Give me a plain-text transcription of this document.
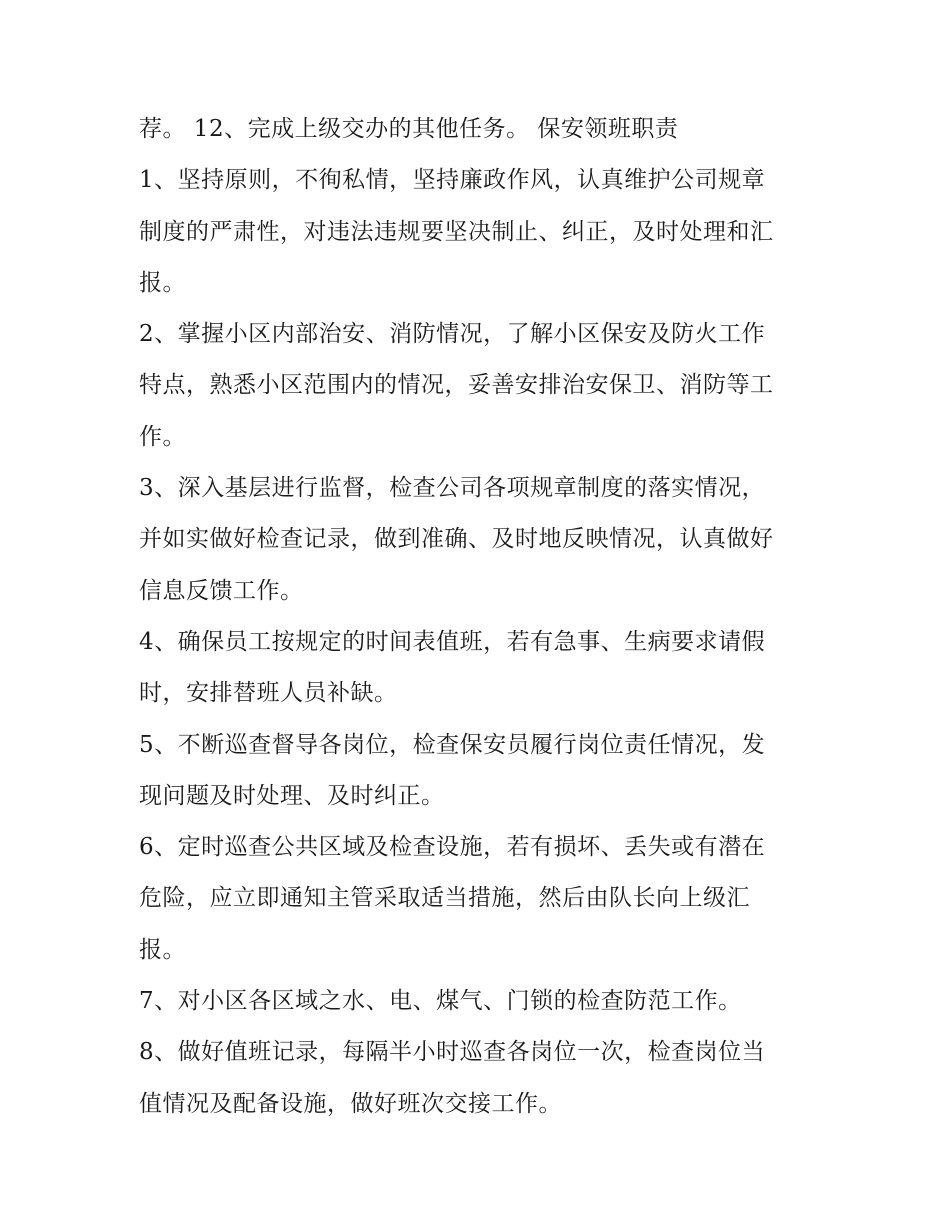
荐。 12、完成上级交办的其他任务。 保安领班职责
1、坚持原则，不徇私情，坚持廉政作风，认真维护公司规章
制度的严肃性，对违法违规要坚决制止、纠正，及时处理和汇
报。
2、掌握小区内部治安、消防情况，了解小区保安及防火工作
特点，熟悉小区范围内的情况，妥善安排治安保卫、消防等工
作。
3、深入基层进行监督，检查公司各项规章制度的落实情况，
并如实做好检查记录，做到准确、及时地反映情况，认真做好
信息反馈工作。
4、确保员工按规定的时间表值班，若有急事、生病要求请假
时，安排替班人员补缺。
5、不断巡查督导各岗位，检查保安员履行岗位责任情况，发
现问题及时处理、及时纠正。
6、定时巡查公共区域及检查设施，若有损坏、丢失或有潜在
危险，应立即通知主管采取适当措施，然后由队长向上级汇
报。
7、对小区各区域之水、电、煤气、门锁的检查防范工作。
8、做好值班记录，每隔半小时巡查各岗位一次，检查岗位当
值情况及配备设施，做好班次交接工作。
